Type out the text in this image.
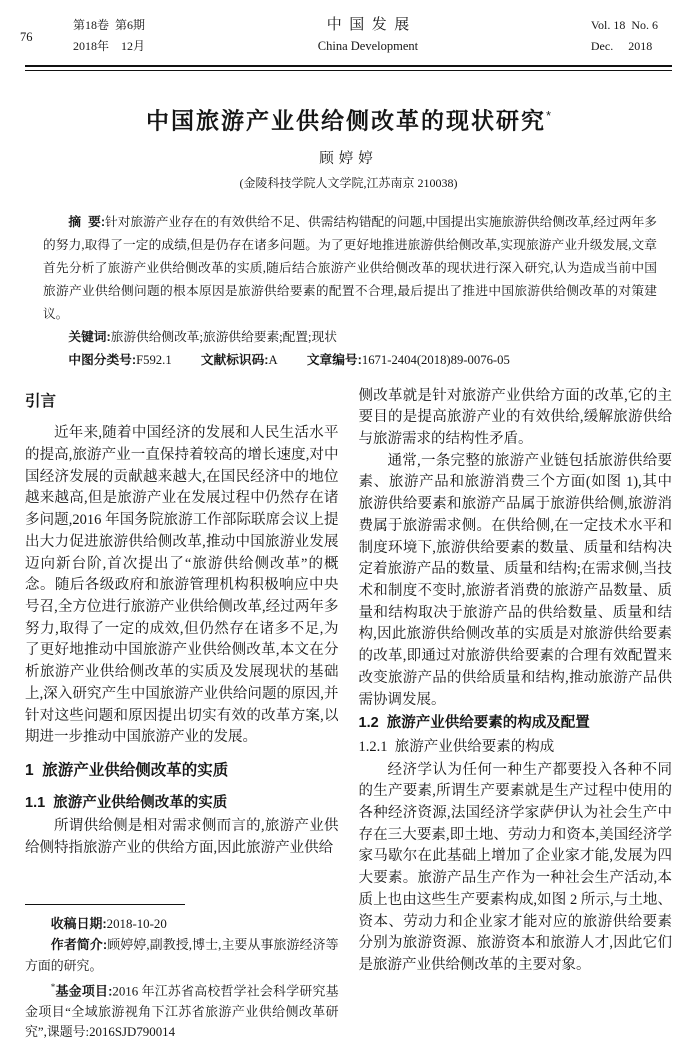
76
第18卷  第6期
2018年    12月
中  国  发  展
China Development
Vol. 18  No. 6
Dec.     2018
中国旅游产业供给侧改革的现状研究*
顾婷婷
(金陵科技学院人文学院,江苏南京 210038)

摘  要:针对旅游产业存在的有效供给不足、供需结构错配的问题,中国提出实施旅游供给侧改革,经过两年多的努力,取得了一定的成绩,但是仍存在诸多问题。为了更好地推进旅游供给侧改革,实现旅游产业升级发展,文章首先分析了旅游产业供给侧改革的实质,随后结合旅游产业供给侧改革的现状进行深入研究,认为造成当前中国旅游产业供给侧问题的根本原因是旅游供给要素的配置不合理,最后提出了推进中国旅游供给侧改革的对策建议。

关键词:旅游供给侧改革;旅游供给要素;配置;现状

中图分类号:F592.1 文献标识码:A 文章编号:1671-2404(2018)89-0076-05

引言

近年来,随着中国经济的发展和人民生活水平的提高,旅游产业一直保持着较高的增长速度,对中国经济发展的贡献越来越大,在国民经济中的地位越来越高,但是旅游产业在发展过程中仍然存在诸多问题,2016 年国务院旅游工作部际联席会议上提出大力促进旅游供给侧改革,推动中国旅游业发展迈向新台阶,首次提出了“旅游供给侧改革”的概念。随后各级政府和旅游管理机构积极响应中央号召,全方位进行旅游产业供给侧改革,经过两年多努力,取得了一定的成效,但仍然存在诸多不足,为了更好地推动中国旅游产业供给侧改革,本文在分析旅游产业供给侧改革的实质及发展现状的基础上,深入研究产生中国旅游产业供给问题的原因,并针对这些问题和原因提出切实有效的改革方案,以期进一步推动中国旅游产业的发展。

1  旅游产业供给侧改革的实质
1.1  旅游产业供给侧改革的实质

所谓供给侧是相对需求侧而言的,旅游产业供给侧特指旅游产业的供给方面,因此旅游产业供给

收稿日期:2018-10-20

作者简介:顾婷婷,副教授,博士,主要从事旅游经济等方面的研究。

*基金项目:2016 年江苏省高校哲学社会科学研究基金项目“全域旅游视角下江苏省旅游产业供给侧改革研究”,课题号:2016SJD790014

侧改革就是针对旅游产业供给方面的改革,它的主要目的是提高旅游产业的有效供给,缓解旅游供给与旅游需求的结构性矛盾。

通常,一条完整的旅游产业链包括旅游供给要素、旅游产品和旅游消费三个方面(如图 1),其中旅游供给要素和旅游产品属于旅游供给侧,旅游消费属于旅游需求侧。在供给侧,在一定技术水平和制度环境下,旅游供给要素的数量、质量和结构决定着旅游产品的数量、质量和结构;在需求侧,当技术和制度不变时,旅游者消费的旅游产品数量、质量和结构取决于旅游产品的供给数量、质量和结构,因此旅游供给侧改革的实质是对旅游供给要素的改革,即通过对旅游供给要素的合理有效配置来改变旅游产品的供给质量和结构,推动旅游产品供需协调发展。

1.2  旅游产业供给要素的构成及配置
1.2.1  旅游产业供给要素的构成

经济学认为任何一种生产都要投入各种不同的生产要素,所谓生产要素就是生产过程中使用的各种经济资源,法国经济学家萨伊认为社会生产中存在三大要素,即土地、劳动力和资本,美国经济学家马歇尔在此基础上增加了企业家才能,发展为四大要素。旅游产品生产作为一种社会生产活动,本质上也由这些生产要素构成,如图 2 所示,与土地、资本、劳动力和企业家才能对应的旅游供给要素分别为旅游资源、旅游资本和旅游人才,因此它们是旅游产业供给侧改革的主要对象。
